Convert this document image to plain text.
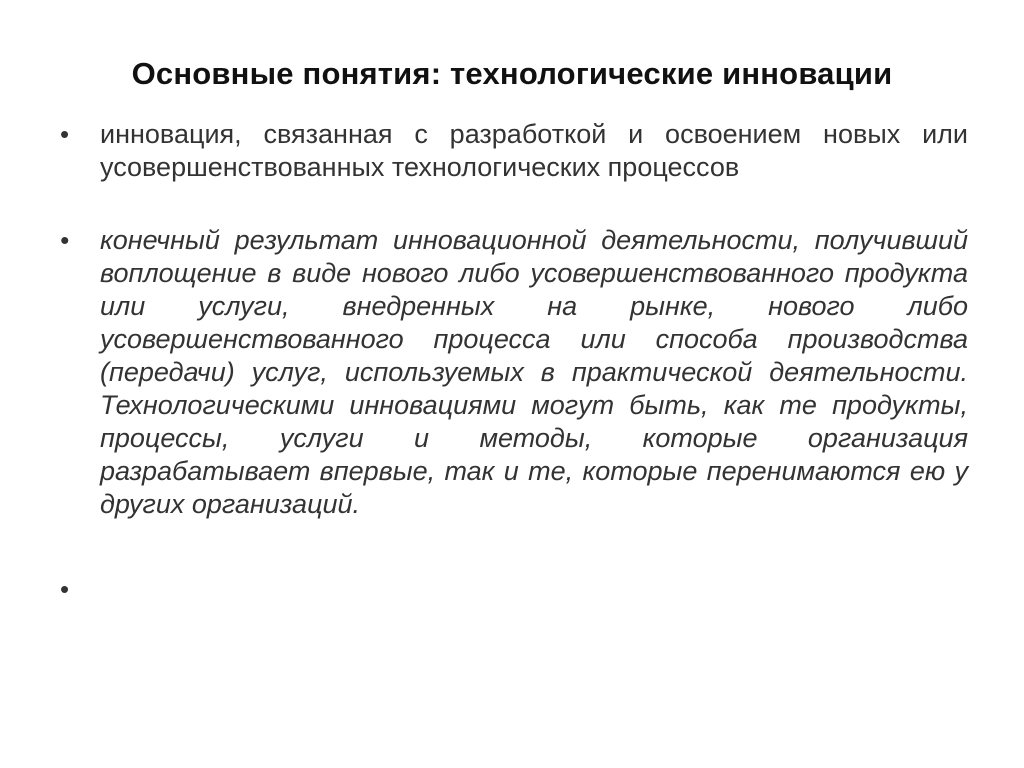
Основные понятия: технологические инновации
• инновация, связанная с разработкой и освоением новых или усовершенствованных технологических процессов
• конечный результат инновационной деятельности, получивший воплощение в виде нового либо усовершенствованного продукта или услуги, внедренных на рынке, нового либо усовершенствованного процесса или способа производства (передачи) услуг, используемых в практической деятельности. Технологическими инновациями могут быть, как те продукты, процессы, услуги и методы, которые организация разрабатывает впервые, так и те, которые перенимаются ею у других организаций.
•
